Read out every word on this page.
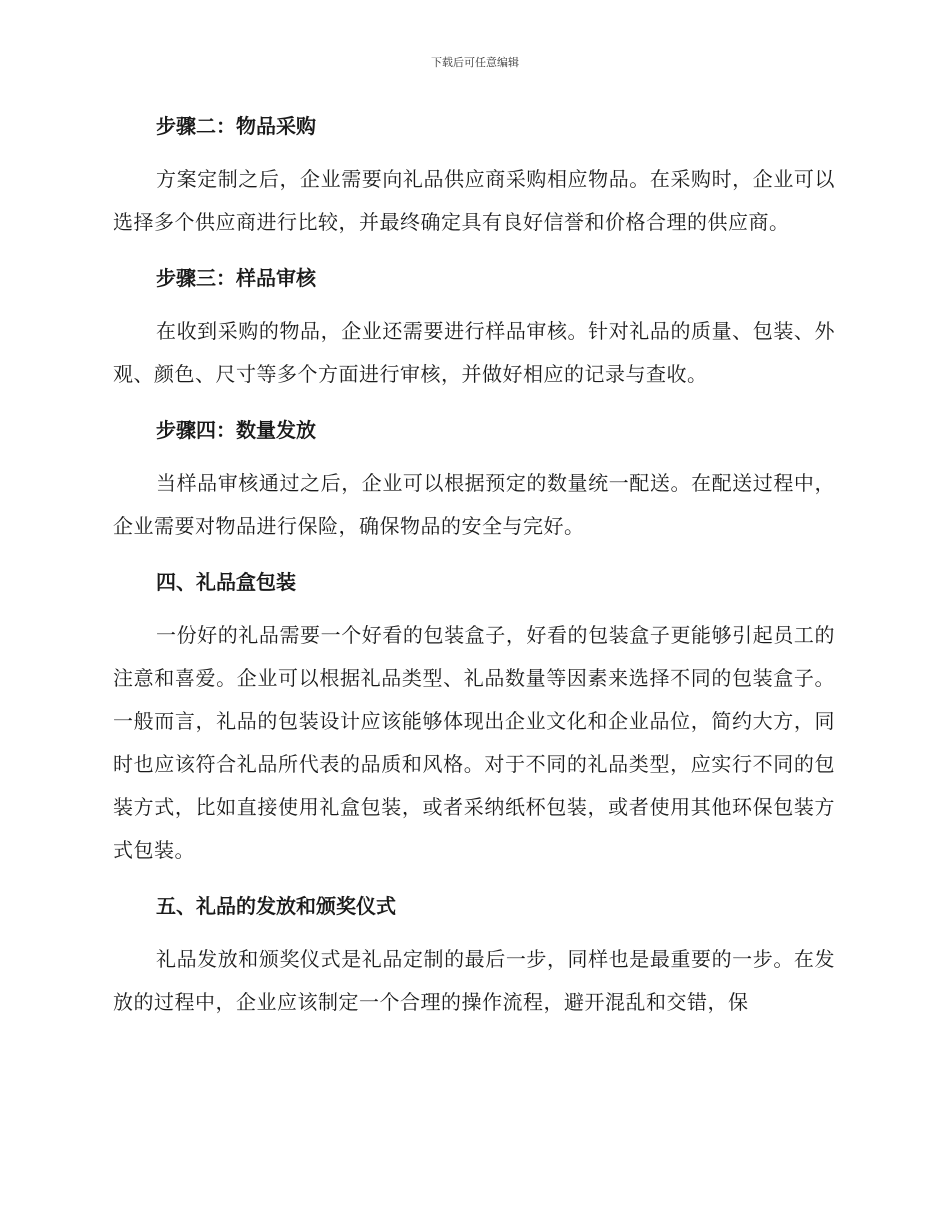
下载后可任意编辑
步骤二：物品采购

方案定制之后，企业需要向礼品供应商采购相应物品。在采购时，企业可以选择多个供应商进行比较，并最终确定具有良好信誉和价格合理的供应商。

步骤三：样品审核

在收到采购的物品，企业还需要进行样品审核。针对礼品的质量、包装、外观、颜色、尺寸等多个方面进行审核，并做好相应的记录与查收。

步骤四：数量发放

当样品审核通过之后，企业可以根据预定的数量统一配送。在配送过程中，企业需要对物品进行保险，确保物品的安全与完好。

四、礼品盒包装

一份好的礼品需要一个好看的包装盒子，好看的包装盒子更能够引起员工的注意和喜爱。企业可以根据礼品类型、礼品数量等因素来选择不同的包装盒子。一般而言，礼品的包装设计应该能够体现出企业文化和企业品位，简约大方，同时也应该符合礼品所代表的品质和风格。对于不同的礼品类型，应实行不同的包装方式，比如直接使用礼盒包装，或者采纳纸杯包装，或者使用其他环保包装方式包装。

五、礼品的发放和颁奖仪式

礼品发放和颁奖仪式是礼品定制的最后一步，同样也是最重要的一步。在发放的过程中，企业应该制定一个合理的操作流程，避开混乱和交错，保
